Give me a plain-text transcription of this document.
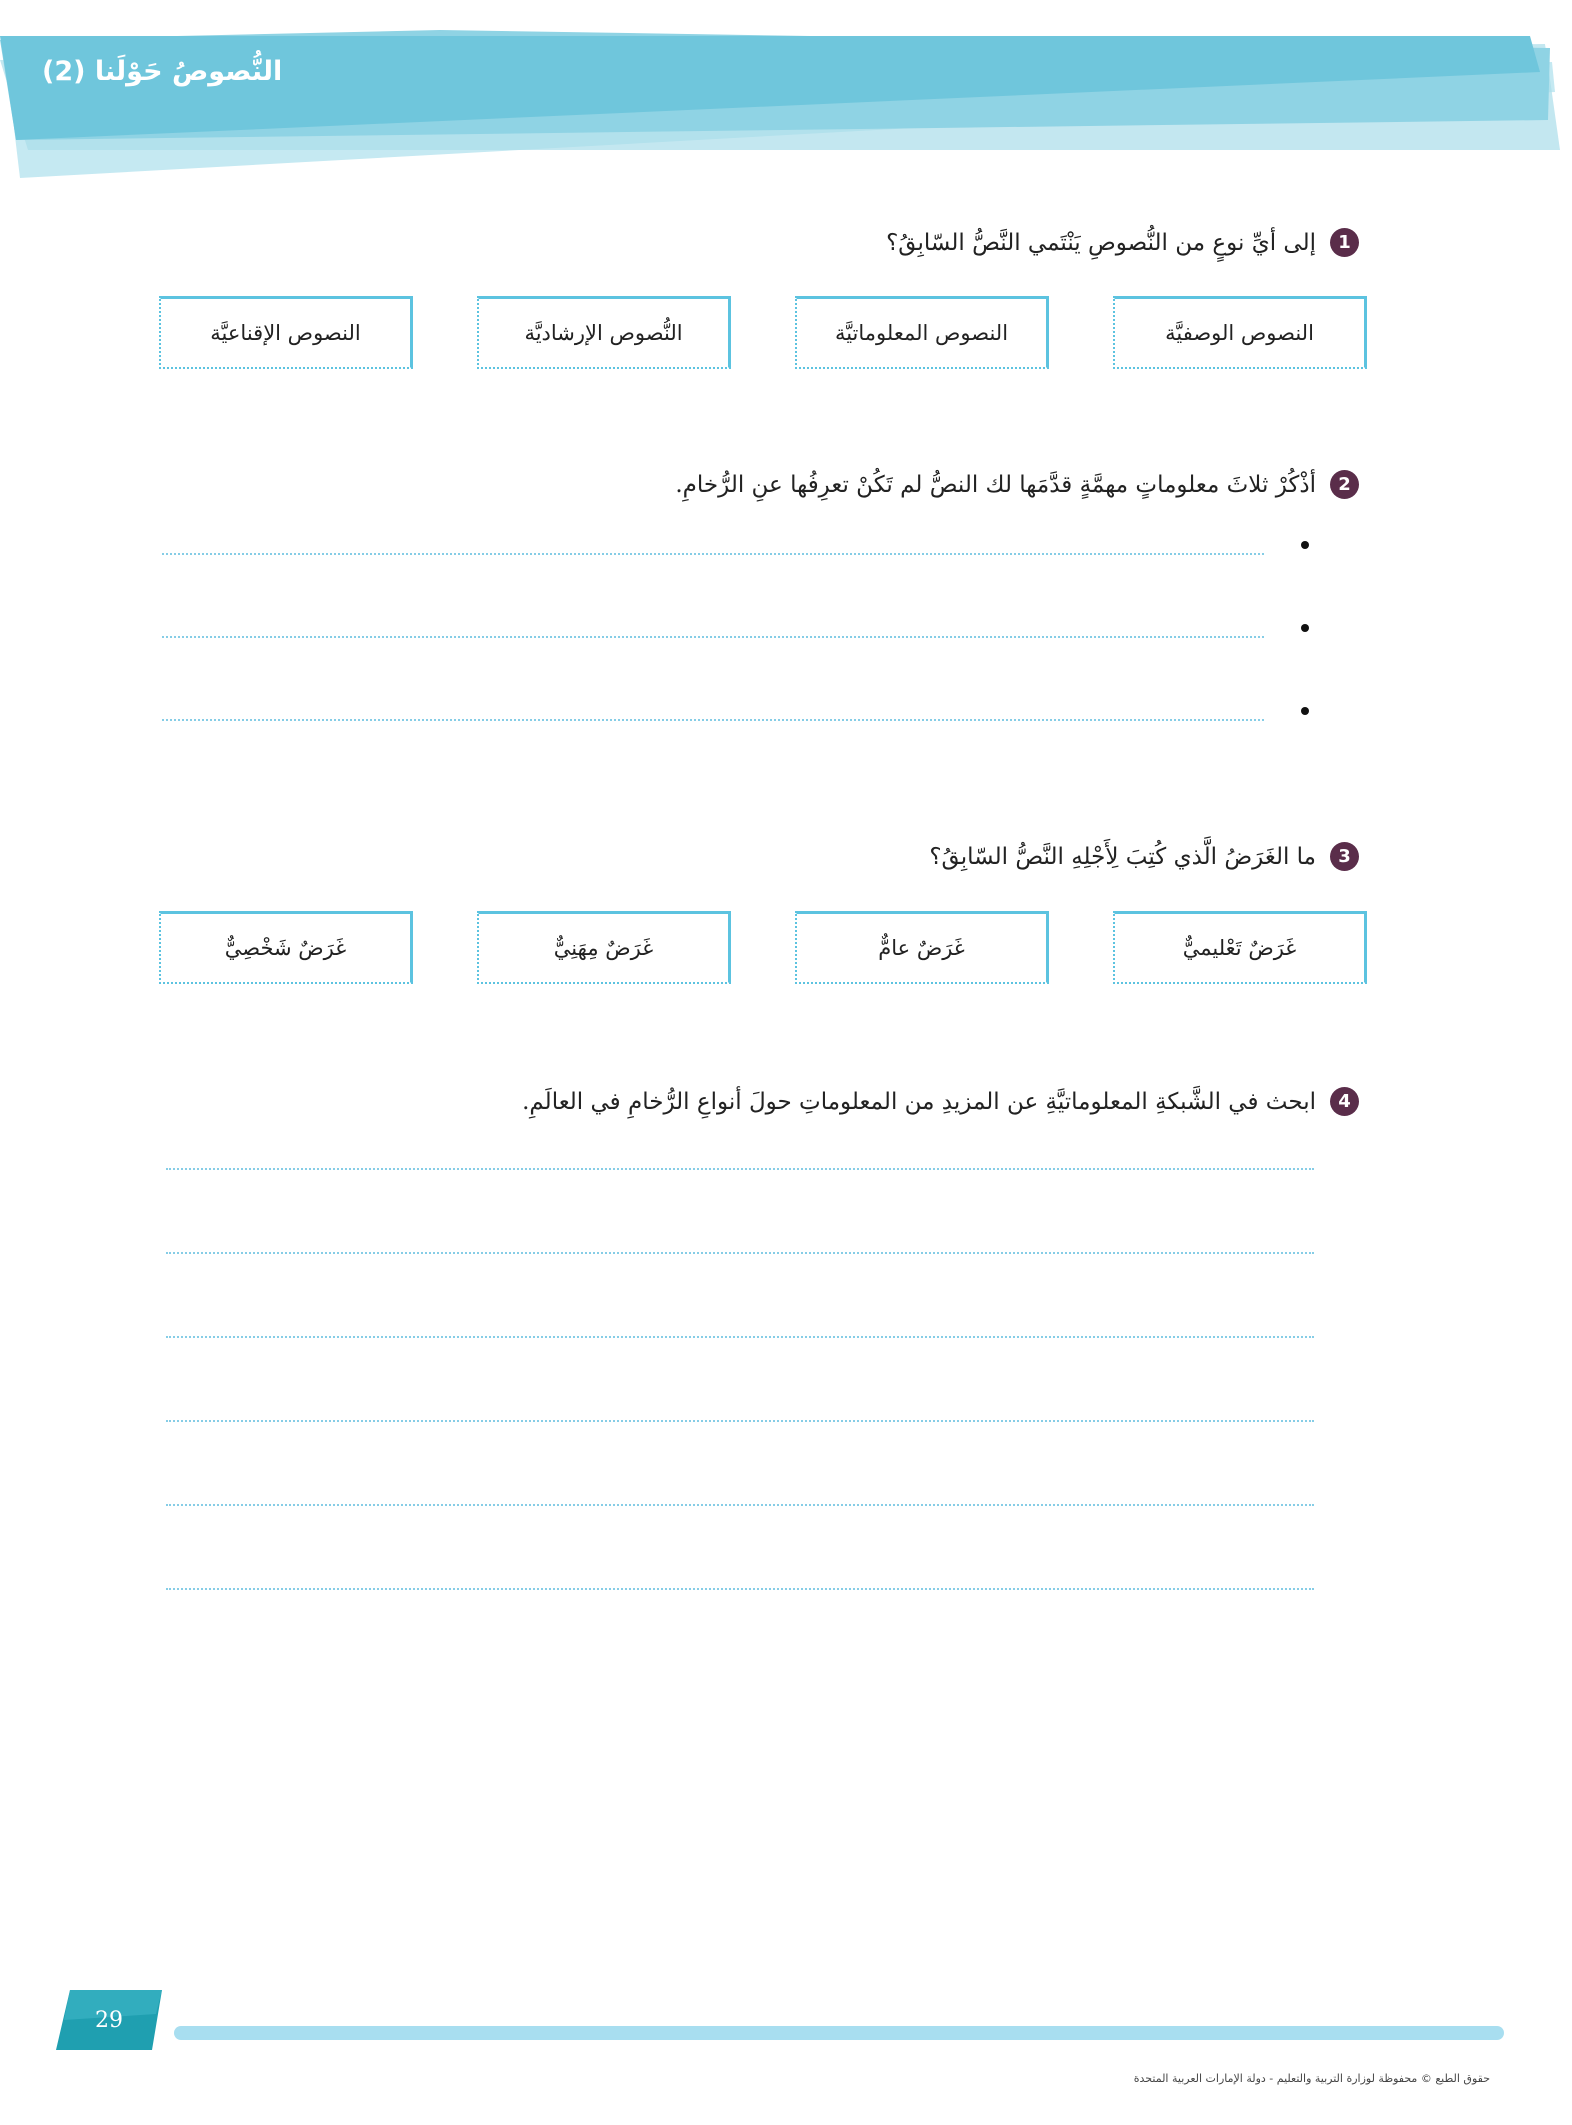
النُّصوصُ حَوْلَنا (2)
1
إلى أيِّ نوعٍ من النُّصوصِ يَنْتَمي النَّصُّ السّابِقُ؟
النصوص الوصفيَّة
النصوص المعلوماتيَّة
النُّصوص الإرشاديَّة
النصوص الإقناعيَّة
2
أذْكُرْ ثلاثَ معلوماتٍ مهمَّةٍ قدَّمَها لك النصُّ لم تَكُنْ تعرِفُها عنِ الرُّخامِ.
3
ما الغَرَضُ الَّذي كُتِبَ لِأَجْلِهِ النَّصُّ السّابِقُ؟
غَرَضٌ تَعْليميٌّ
غَرَضٌ عامٌّ
غَرَضٌ مِهَنِيٌّ
غَرَضٌ شَخْصِيٌّ
4
ابحث في الشَّبكةِ المعلوماتيَّةِ عن المزيدِ من المعلوماتِ حولَ أنواعِ الرُّخامِ في العالَمِ.
29
حقوق الطبع © محفوظة لوزارة التربية والتعليم - دولة الإمارات العربية المتحدة
